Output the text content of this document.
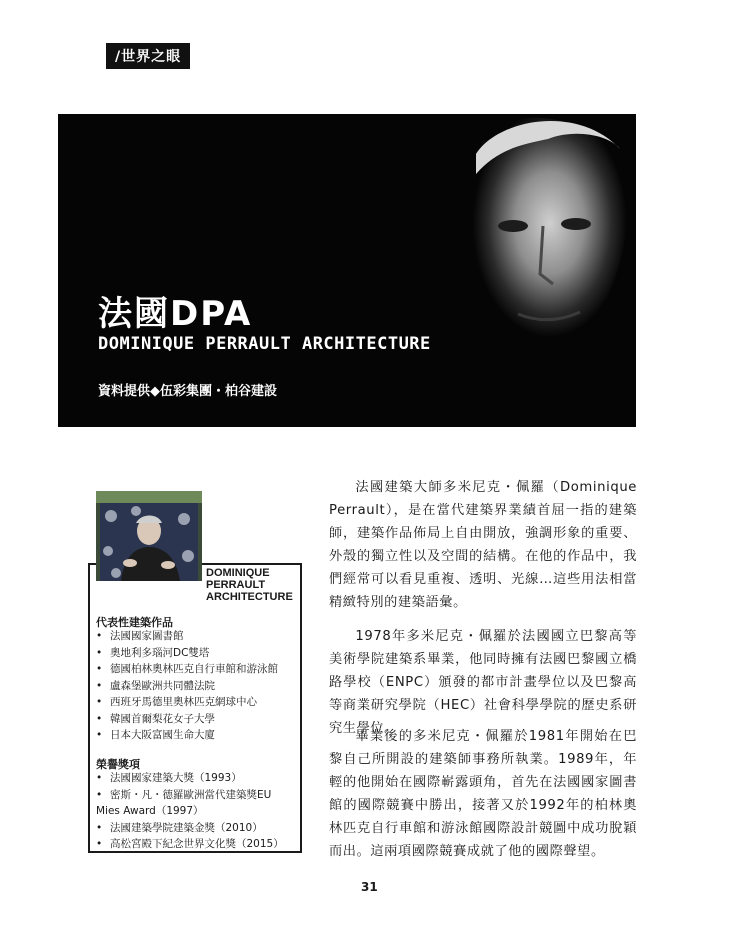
/世界之眼
法國DPA
DOMINIQUE PERRAULT ARCHITECTURE
資料提供◆伍彩集團・柏谷建設
DOMINIQUE
PERRAULT
ARCHITECTURE
代表性建築作品
• 法國國家圖書館
• 奧地利多瑙河DC雙塔
• 德國柏林奧林匹克自行車館和游泳館
• 盧森堡歐洲共同體法院
• 西班牙馬德里奧林匹克網球中心
• 韓國首爾梨花女子大學
• 日本大阪富國生命大廈
榮譽獎項
• 法國國家建築大獎（1993）
• 密斯・凡・德羅歐洲當代建築獎EU
Mies Award（1997）
• 法國建築學院建築金獎（2010）
• 高松宮殿下紀念世界文化獎（2015）

法國建築大師多米尼克・佩羅（Dominique Perrault），是在當代建築界業績首屈一指的建築師，建築作品佈局上自由開放，強調形象的重要、外殼的獨立性以及空間的結構。在他的作品中，我們經常可以看見重複、透明、光線…這些用法相當精緻特別的建築語彙。

1978年多米尼克・佩羅於法國國立巴黎高等美術學院建築系畢業，他同時擁有法國巴黎國立橋路學校（ENPC）頒發的都市計畫學位以及巴黎高等商業研究學院（HEC）社會科學學院的歷史系研究生學位。

畢業後的多米尼克・佩羅於1981年開始在巴黎自己所開設的建築師事務所執業。1989年，年輕的他開始在國際嶄露頭角，首先在法國國家圖書館的國際競賽中勝出，接著又於1992年的柏林奧林匹克自行車館和游泳館國際設計競圖中成功脫穎而出。這兩項國際競賽成就了他的國際聲望。

31
